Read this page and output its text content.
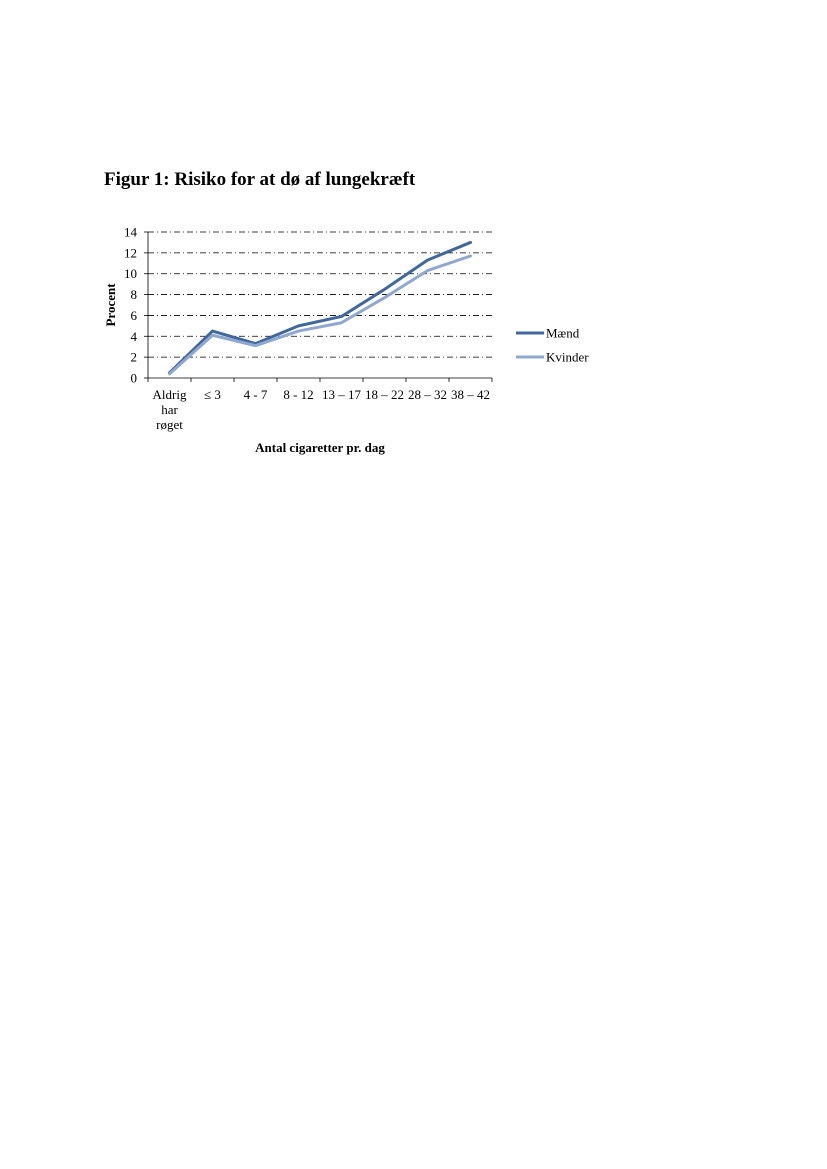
Figur 1: Risiko for at dø af lungekræft
0
2
4
6
8
10
12
14
Aldrig har røget
≤ 3 4 - 7 8 - 12 13 – 17 18 – 22 28 – 32 38 – 42
Procent
Antal cigaretter pr. dag
Mænd
Kvinder
